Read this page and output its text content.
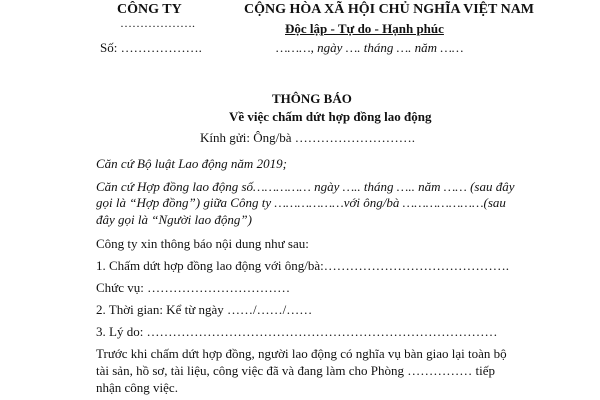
CÔNG TY
……………….
Số: ……………….
CỘNG HÒA XÃ HỘI CHỦ NGHĨA VIỆT NAM
Độc lập - Tự do - Hạnh phúc
………, ngày …. tháng …. năm ……
THÔNG BÁO
Về việc chấm dứt hợp đồng lao động
Kính gửi: Ông/bà ……………………….
Căn cứ Bộ luật Lao động năm 2019;
Căn cứ Hợp đồng lao động số…………… ngày ….. tháng ….. năm …… (sau đây
gọi là “Hợp đồng”) giữa Công ty ………………với ông/bà …………………(sau
đây gọi là “Người lao động”)
Công ty xin thông báo nội dung như sau:
1. Chấm dứt hợp đồng lao động với ông/bà:…………………………………….
Chức vụ: ……………………………
2. Thời gian: Kể từ ngày ……/……/……
3. Lý do: ………………………………………………………………………
Trước khi chấm dứt hợp đồng, người lao động có nghĩa vụ bàn giao lại toàn bộ
tài sản, hồ sơ, tài liệu, công việc đã và đang làm cho Phòng …………… tiếp
nhận công việc.
